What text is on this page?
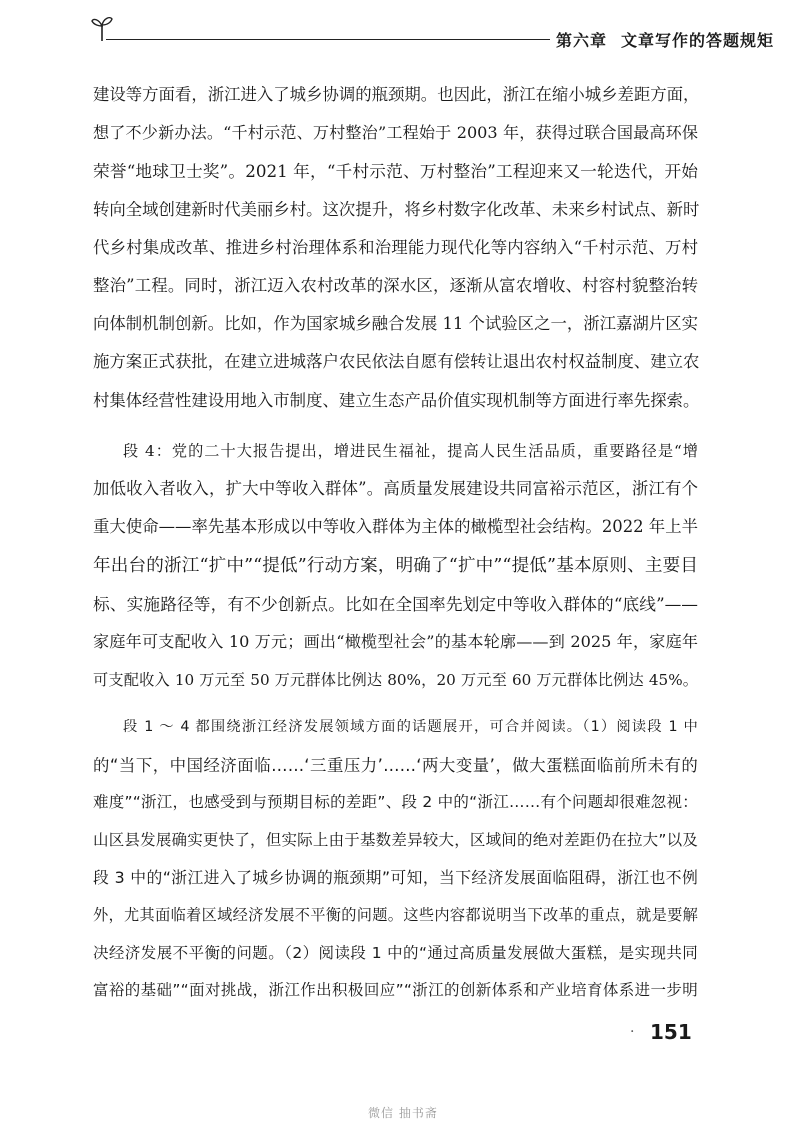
第六章 文章写作的答题规矩
建设等方面看，浙江进入了城乡协调的瓶颈期。也因此，浙江在缩小城乡差距方面，
想了不少新办法。“千村示范、万村整治”工程始于 2003 年，获得过联合国最高环保
荣誉“地球卫士奖”。2021 年，“千村示范、万村整治”工程迎来又一轮迭代，开始
转向全域创建新时代美丽乡村。这次提升，将乡村数字化改革、未来乡村试点、新时
代乡村集成改革、推进乡村治理体系和治理能力现代化等内容纳入“千村示范、万村
整治”工程。同时，浙江迈入农村改革的深水区，逐渐从富农增收、村容村貌整治转
向体制机制创新。比如，作为国家城乡融合发展 11 个试验区之一，浙江嘉湖片区实
施方案正式获批，在建立进城落户农民依法自愿有偿转让退出农村权益制度、建立农
村集体经营性建设用地入市制度、建立生态产品价值实现机制等方面进行率先探索。
段 4：党的二十大报告提出，增进民生福祉，提高人民生活品质，重要路径是“增
加低收入者收入，扩大中等收入群体”。高质量发展建设共同富裕示范区，浙江有个
重大使命——率先基本形成以中等收入群体为主体的橄榄型社会结构。2022 年上半
年出台的浙江“扩中”“提低”行动方案，明确了“扩中”“提低”基本原则、主要目
标、实施路径等，有不少创新点。比如在全国率先划定中等收入群体的“底线”——
家庭年可支配收入 10 万元；画出“橄榄型社会”的基本轮廓——到 2025 年，家庭年
可支配收入 10 万元至 50 万元群体比例达 80%，20 万元至 60 万元群体比例达 45%。
段 1 ～ 4 都围绕浙江经济发展领域方面的话题展开，可合并阅读。（1）阅读段 1 中
的“当下，中国经济面临……‘三重压力’……‘两大变量’，做大蛋糕面临前所未有的
难度”“浙江，也感受到与预期目标的差距”、段 2 中的“浙江……有个问题却很难忽视：
山区县发展确实更快了，但实际上由于基数差异较大，区域间的绝对差距仍在拉大”以及
段 3 中的“浙江进入了城乡协调的瓶颈期”可知，当下经济发展面临阻碍，浙江也不例
外，尤其面临着区域经济发展不平衡的问题。这些内容都说明当下改革的重点，就是要解
决经济发展不平衡的问题。（2）阅读段 1 中的“通过高质量发展做大蛋糕，是实现共同
富裕的基础”“面对挑战，浙江作出积极回应”“浙江的创新体系和产业培育体系进一步明
· 151
微信 抽书斋
